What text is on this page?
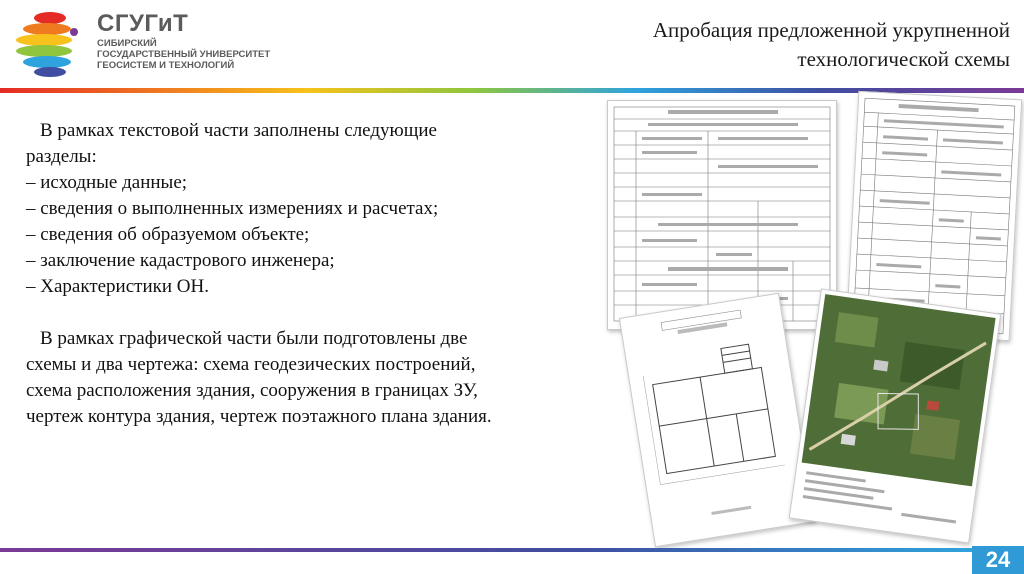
СГУГиТ
СИБИРСКИЙ
ГОСУДАРСТВЕННЫЙ УНИВЕРСИТЕТ
ГЕОСИСТЕМ И ТЕХНОЛОГИЙ
Апробация предложенной укрупненной
технологической схемы

В рамках текстовой части заполнены следующие разделы:

– исходные данные;

– сведения о выполненных измерениях и расчетах;

– сведения об образуемом объекте;

– заключение кадастрового инженера;

– Характеристики ОН.

В рамках графической части были подготовлены две схемы и два чертежа: схема геодезических построений, схема расположения здания, сооружения в границах ЗУ, чертеж контура здания, чертеж поэтажного плана здания.

24
